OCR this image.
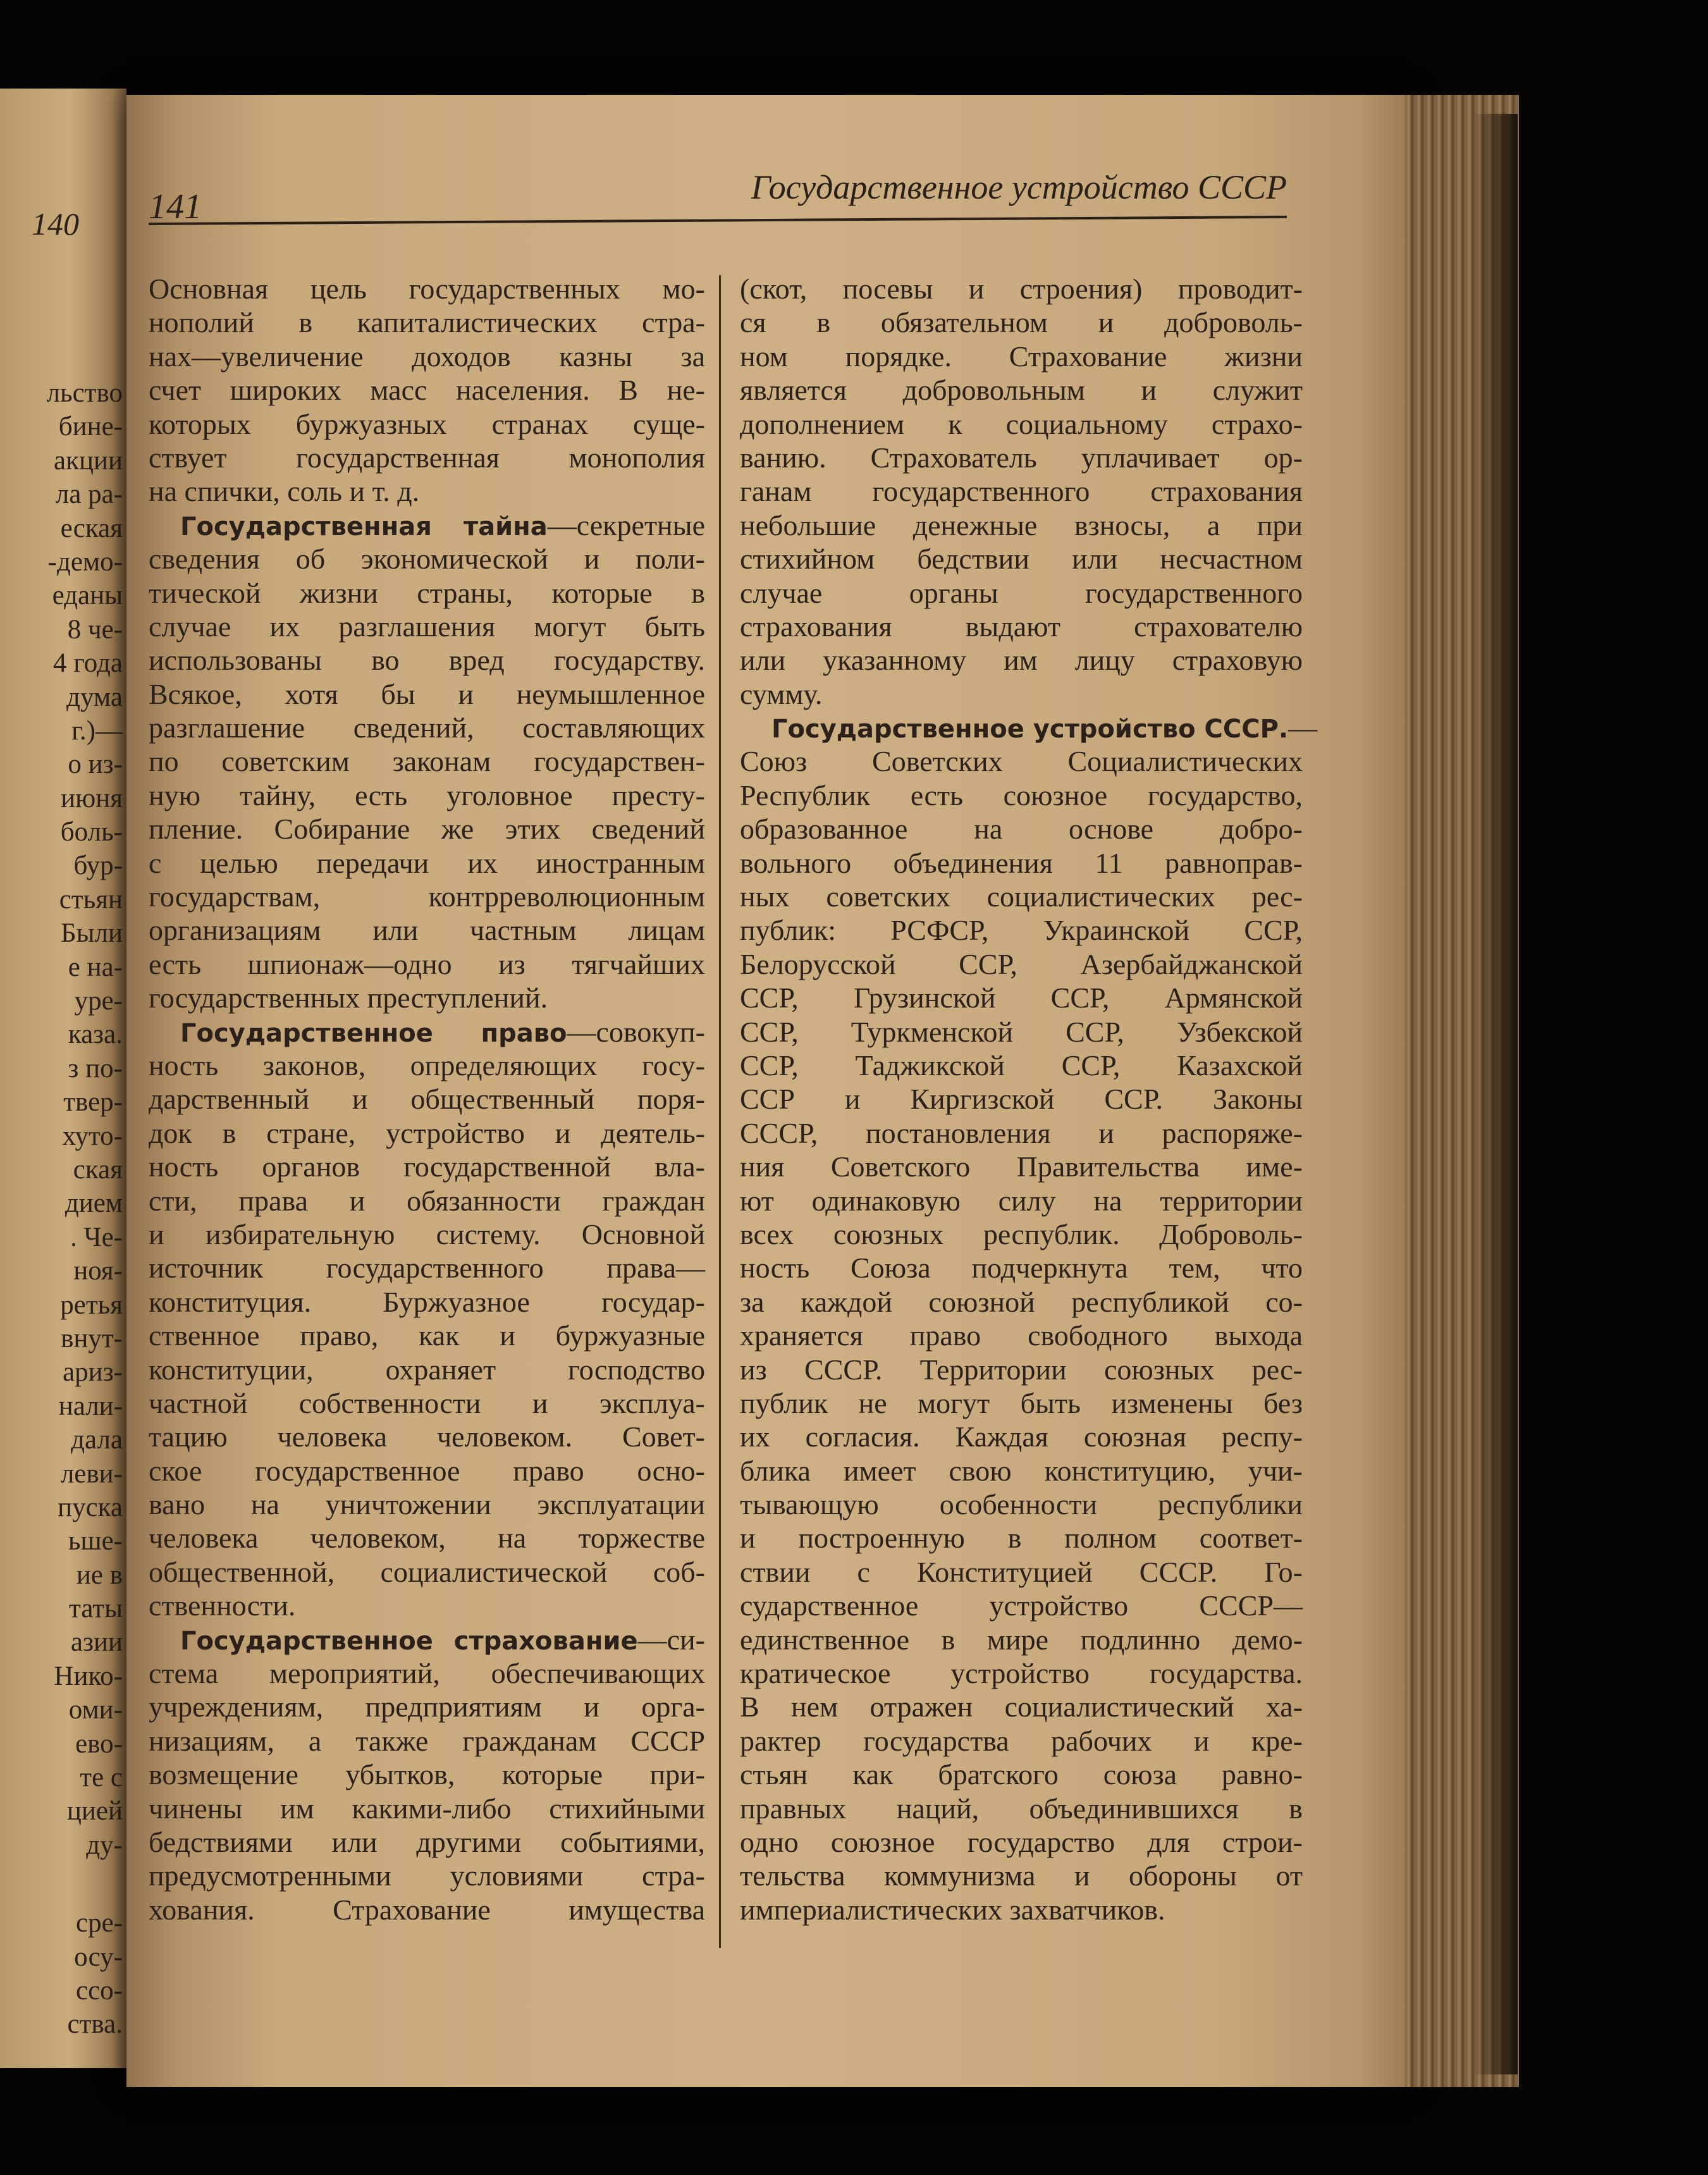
140
льство
бине-
акции
ла ра-
еская
-демо-
еданы
8 че-
4 года
дума
г.)—
о из-
июня
боль-
бур-
стьян
Были
е на-
уре-
каза.
з по-
твер-
хуто-
ская
дием
. Че-
ноя-
ретья
внут-
ариз-
нали-
дала
леви-
пуска
ьше-
ие в
таты
азии
Нико-
оми-
ево-
те с
цией
ду-
сре-
осу-
ссо-
ства.
141	Государственное устройство СССР
Основная цель государственных мо-
нополий в капиталистических стра-
нах—увеличение доходов казны за
счет широких масс населения. В не-
которых буржуазных странах суще-
ствует государственная монополия
на спички, соль и т. д.
Государственная тайна—секретные
сведения об экономической и поли-
тической жизни страны, которые в
случае их разглашения могут быть
использованы во вред государству.
Всякое, хотя бы и неумышленное
разглашение сведений, составляющих
по советским законам государствен-
ную тайну, есть уголовное престу-
пление. Собирание же этих сведений
с целью передачи их иностранным
государствам, контрреволюционным
организациям или частным лицам
есть шпионаж—одно из тягчайших
государственных преступлений.
Государственное право—совокуп-
ность законов, определяющих госу-
дарственный и общественный поря-
док в стране, устройство и деятель-
ность органов государственной вла-
сти, права и обязанности граждан
и избирательную систему. Основной
источник государственного права—
конституция. Буржуазное государ-
ственное право, как и буржуазные
конституции, охраняет господство
частной собственности и эксплуа-
тацию человека человеком. Совет-
ское государственное право осно-
вано на уничтожении эксплуатации
человека человеком, на торжестве
общественной, социалистической соб-
ственности.
Государственное страхование—си-
стема мероприятий, обеспечивающих
учреждениям, предприятиям и орга-
низациям, а также гражданам СССР
возмещение убытков, которые при-
чинены им какими-либо стихийными
бедствиями или другими событиями,
предусмотренными условиями стра-
хования. Страхование имущества
(скот, посевы и строения) проводит-
ся в обязательном и доброволь-
ном порядке. Страхование жизни
является добровольным и служит
дополнением к социальному страхо-
ванию. Страхователь уплачивает ор-
ганам государственного страхования
небольшие денежные взносы, а при
стихийном бедствии или несчастном
случае органы государственного
страхования выдают страхователю
или указанному им лицу страховую
сумму.
Государственное устройство СССР.—
Союз Советских Социалистических
Республик есть союзное государство,
образованное на основе добро-
вольного объединения 11 равноправ-
ных советских социалистических рес-
публик: РСФСР, Украинской ССР,
Белорусской ССР, Азербайджанской
ССР, Грузинской ССР, Армянской
ССР, Туркменской ССР, Узбекской
ССР, Таджикской ССР, Казахской
ССР и Киргизской ССР. Законы
СССР, постановления и распоряже-
ния Советского Правительства име-
ют одинаковую силу на территории
всех союзных республик. Доброволь-
ность Союза подчеркнута тем, что
за каждой союзной республикой со-
храняется право свободного выхода
из СССР. Территории союзных рес-
публик не могут быть изменены без
их согласия. Каждая союзная респу-
блика имеет свою конституцию, учи-
тывающую особенности республики
и построенную в полном соответ-
ствии с Конституцией СССР. Го-
сударственное устройство СССР—
единственное в мире подлинно демо-
кратическое устройство государства.
В нем отражен социалистический ха-
рактер государства рабочих и кре-
стьян как братского союза равно-
правных наций, объединившихся в
одно союзное государство для строи-
тельства коммунизма и обороны от
империалистических захватчиков.
